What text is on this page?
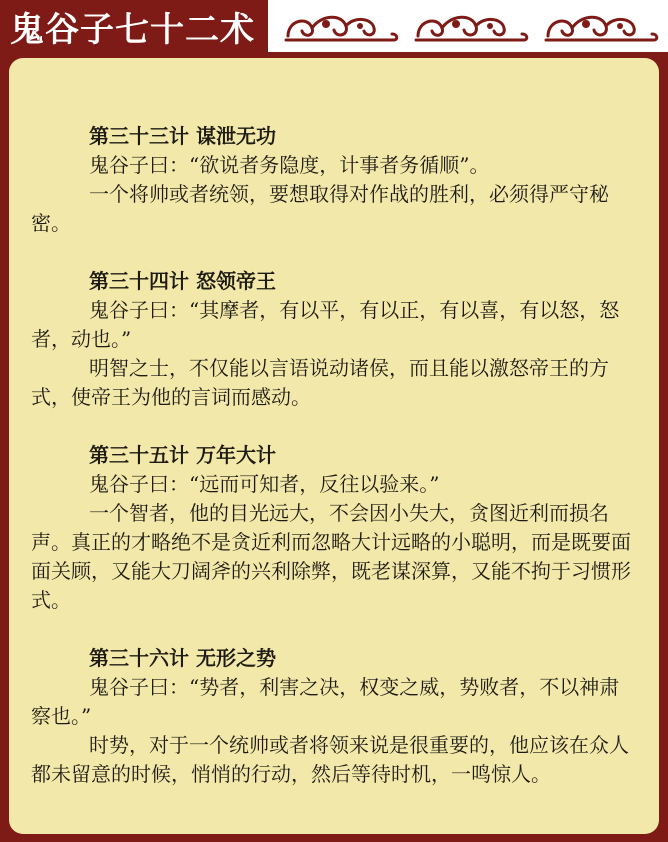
鬼谷子七十二术
第三十三计 谋泄无功
鬼谷子曰：“欲说者务隐度，计事者务循顺”。
一个将帅或者统领，要想取得对作战的胜利，必须得严守秘密。
第三十四计 怒领帝王
鬼谷子曰：“其摩者，有以平，有以正，有以喜，有以怒，怒者，动也。”
明智之士，不仅能以言语说动诸侯，而且能以激怒帝王的方式，使帝王为他的言词而感动。
第三十五计 万年大计
鬼谷子曰：“远而可知者，反往以验来。”
一个智者，他的目光远大，不会因小失大，贪图近利而损名声。真正的才略绝不是贪近利而忽略大计远略的小聪明，而是既要面面关顾，又能大刀阔斧的兴利除弊，既老谋深算，又能不拘于习惯形式。
第三十六计 无形之势
鬼谷子曰：“势者，利害之决，权变之威，势败者，不以神肃察也。”
时势，对于一个统帅或者将领来说是很重要的，他应该在众人都未留意的时候，悄悄的行动，然后等待时机，一鸣惊人。
